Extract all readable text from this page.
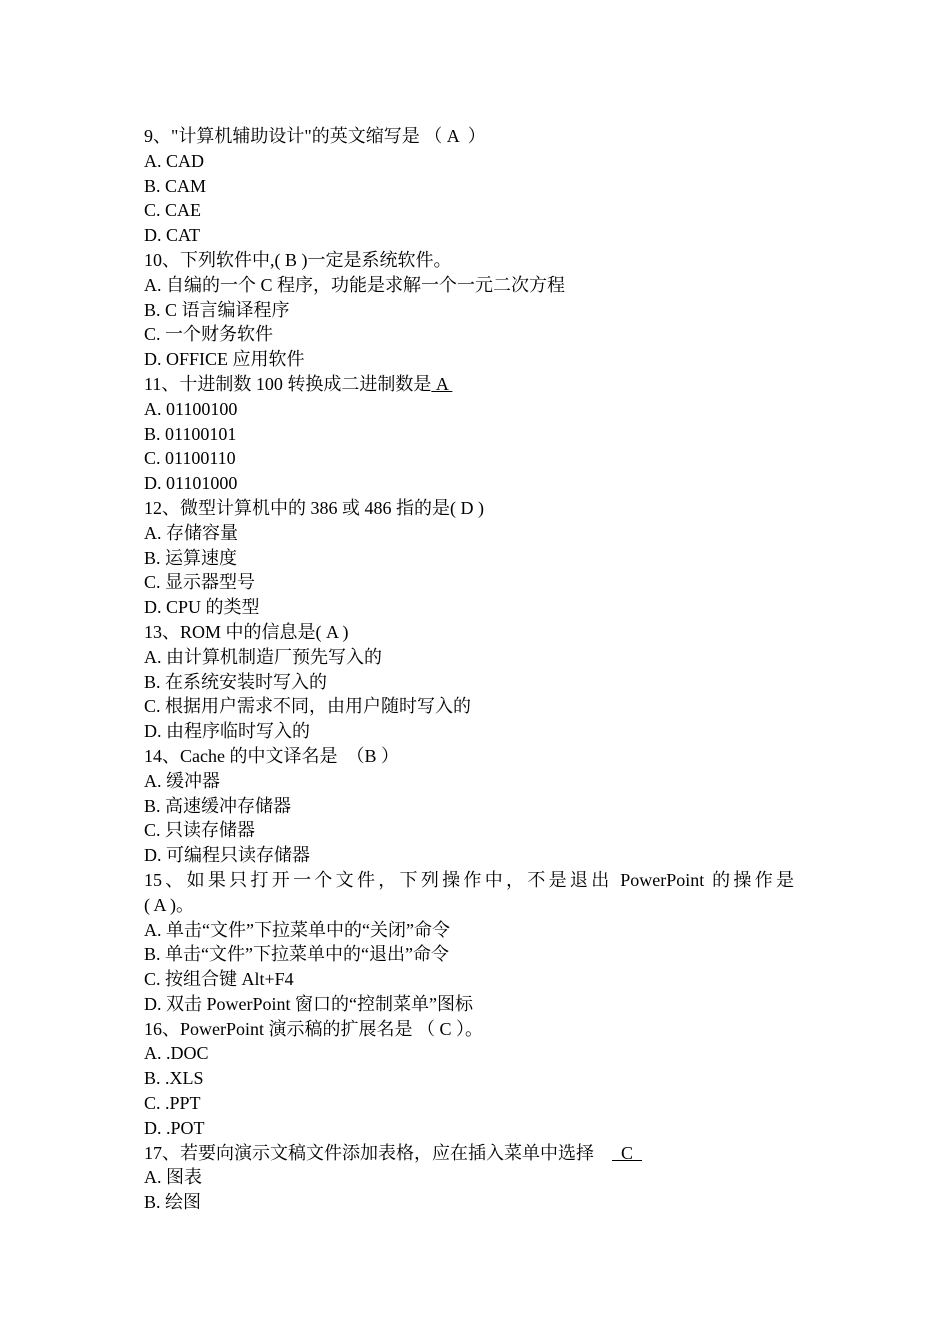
9、"计算机辅助设计"的英文缩写是 （ A  ）
A. CAD
B. CAM
C. CAE
D. CAT
10、下列软件中,( B )一定是系统软件。
A. 自编的一个 C 程序，功能是求解一个一元二次方程
B. C 语言编译程序
C. 一个财务软件
D. OFFICE 应用软件
11、十进制数 100 转换成二进制数是 A
A. 01100100
B. 01100101
C. 01100110
D. 01101000
12、微型计算机中的 386 或 486 指的是( D )
A. 存储容量
B. 运算速度
C. 显示器型号
D. CPU 的类型
13、ROM 中的信息是( A )
A. 由计算机制造厂预先写入的
B. 在系统安装时写入的
C. 根据用户需求不同，由用户随时写入的
D. 由程序临时写入的
14、Cache 的中文译名是  （B ）
A. 缓冲器
B. 高速缓冲存储器
C. 只读存储器
D. 可编程只读存储器
15、如果只打开一个文件，下列操作中，不是退出 PowerPoint 的操作是
( A )。
A. 单击“文件”下拉菜单中的“关闭”命令
B. 单击“文件”下拉菜单中的“退出”命令
C. 按组合键 Alt+F4
D. 双击 PowerPoint 窗口的“控制菜单”图标
16、PowerPoint 演示稿的扩展名是 （ C ）。
A. .DOC
B. .XLS
C. .PPT
D. .POT
17、若要向演示文稿文件添加表格，应在插入菜单中选择      C
A. 图表
B. 绘图
